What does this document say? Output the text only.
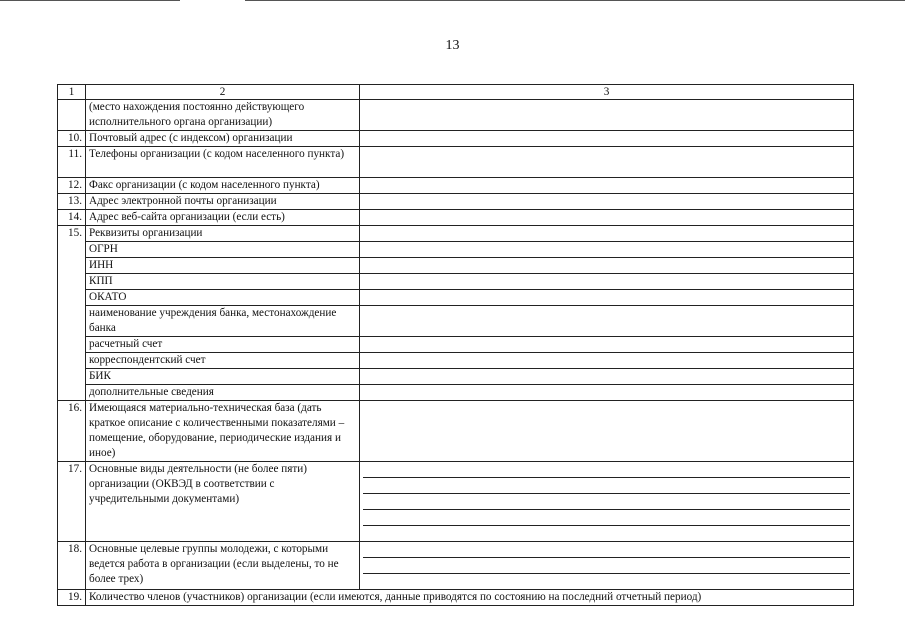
13
1	2	3
	(место нахождения постоянно действующего исполнительного органа организации)	
10.	Почтовый адрес (с индексом) организации	
11.	Телефоны организации (с кодом населенного пункта)	
12.	Факс организации (с кодом населенного пункта)	
13.	Адрес электронной почты организации	
14.	Адрес веб-сайта организации (если есть)	
15.	Реквизиты организации	
	ОГРН	
	ИНН	
	КПП	
	ОКАТО	
	наименование учреждения банка, местонахождение банка	
	расчетный счет	
	корреспондентский счет	
	БИК	
	дополнительные сведения	
16.	Имеющаяся материально-техническая база (дать краткое описание с количественными показателями – помещение, оборудование, периодические издания и иное)	
17.	Основные виды деятельности (не более пяти) организации (ОКВЭД в соответствии с учредительными документами)	

18.	Основные целевые группы молодежи, с которыми ведется работа в организации (если выделены, то не более трех)	

19.	Количество членов (участников) организации (если имеются, данные приводятся по состоянию на последний отчетный период)	
